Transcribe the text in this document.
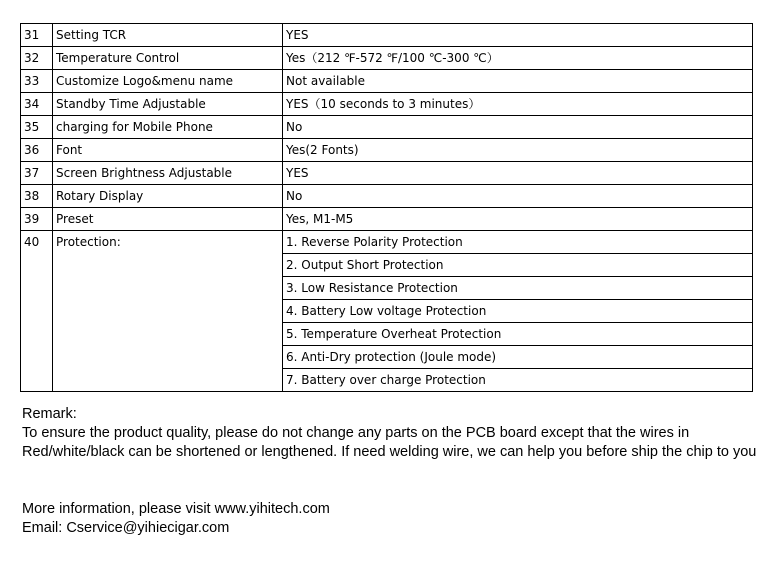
31	Setting TCR	YES
32	Temperature Control	Yes（212 ℉-572 ℉/100 ℃-300 ℃）
33	Customize Logo&menu name	Not available
34	Standby Time Adjustable	YES（10 seconds to 3 minutes）
35	charging for Mobile Phone	No
36	Font	Yes(2 Fonts)
37	Screen Brightness Adjustable	YES
38	Rotary Display	No
39	Preset	Yes, M1-M5
40	Protection:	1. Reverse Polarity Protection
		2. Output Short Protection
		3. Low Resistance Protection
		4. Battery Low voltage Protection
		5. Temperature Overheat Protection
		6. Anti-Dry protection (Joule mode)
		7. Battery over charge Protection

Remark:

To ensure the product quality, please do not change any parts on the PCB board except that the wires in Red/white/black can be shortened or lengthened. If need welding wire, we can help you before ship the chip to you

More information, please visit www.yihitech.com

Email: Cservice@yihiecigar.com
